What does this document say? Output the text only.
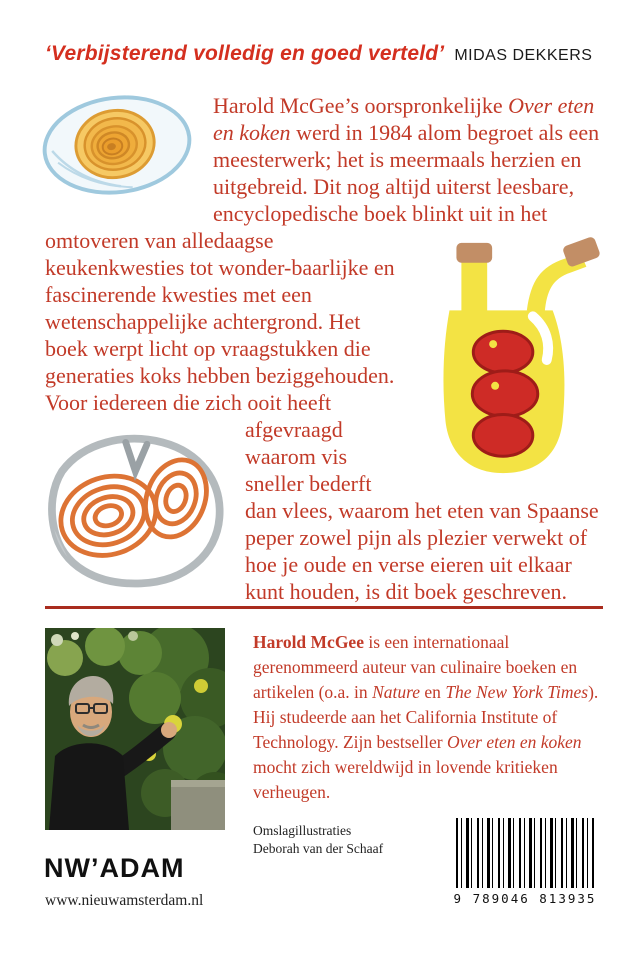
‘Verbijsterend volledig en goed verteld’ MIDAS DEKKERS
Harold McGee’s oorspronkelijke Over eten en koken werd in 1984 alom begroet als een meesterwerk; het is meermaals herzien en uitgebreid. Dit nog altijd uiterst leesbare, encyclopedische boek blinkt uit in het omtoveren van
alledaagse keukenkwesties tot wonder-baarlijke en fascinerende kwesties met een wetenschappelijke achtergrond. Het boek werpt licht op vraagstukken die generaties koks hebben beziggehouden. Voor iedereen die zich ooit heeft afgevraagd
waarom vis sneller bederft dan vlees, waarom het eten van Spaanse peper zowel pijn als plezier verwekt of hoe je oude en verse eieren uit elkaar kunt houden, is dit boek geschreven.
Harold McGee is een internationaal gerenommeerd auteur van culinaire boeken en artikelen (o.a. in Nature en The New York Times). Hij studeerde aan het California Institute of Technology. Zijn bestseller Over eten en koken mocht zich wereldwijd in lovende kritieken verheugen.
Omslagillustraties
Deborah van der Schaaf
NW’ADAM
www.nieuwamsterdam.nl	9 789046 813935
